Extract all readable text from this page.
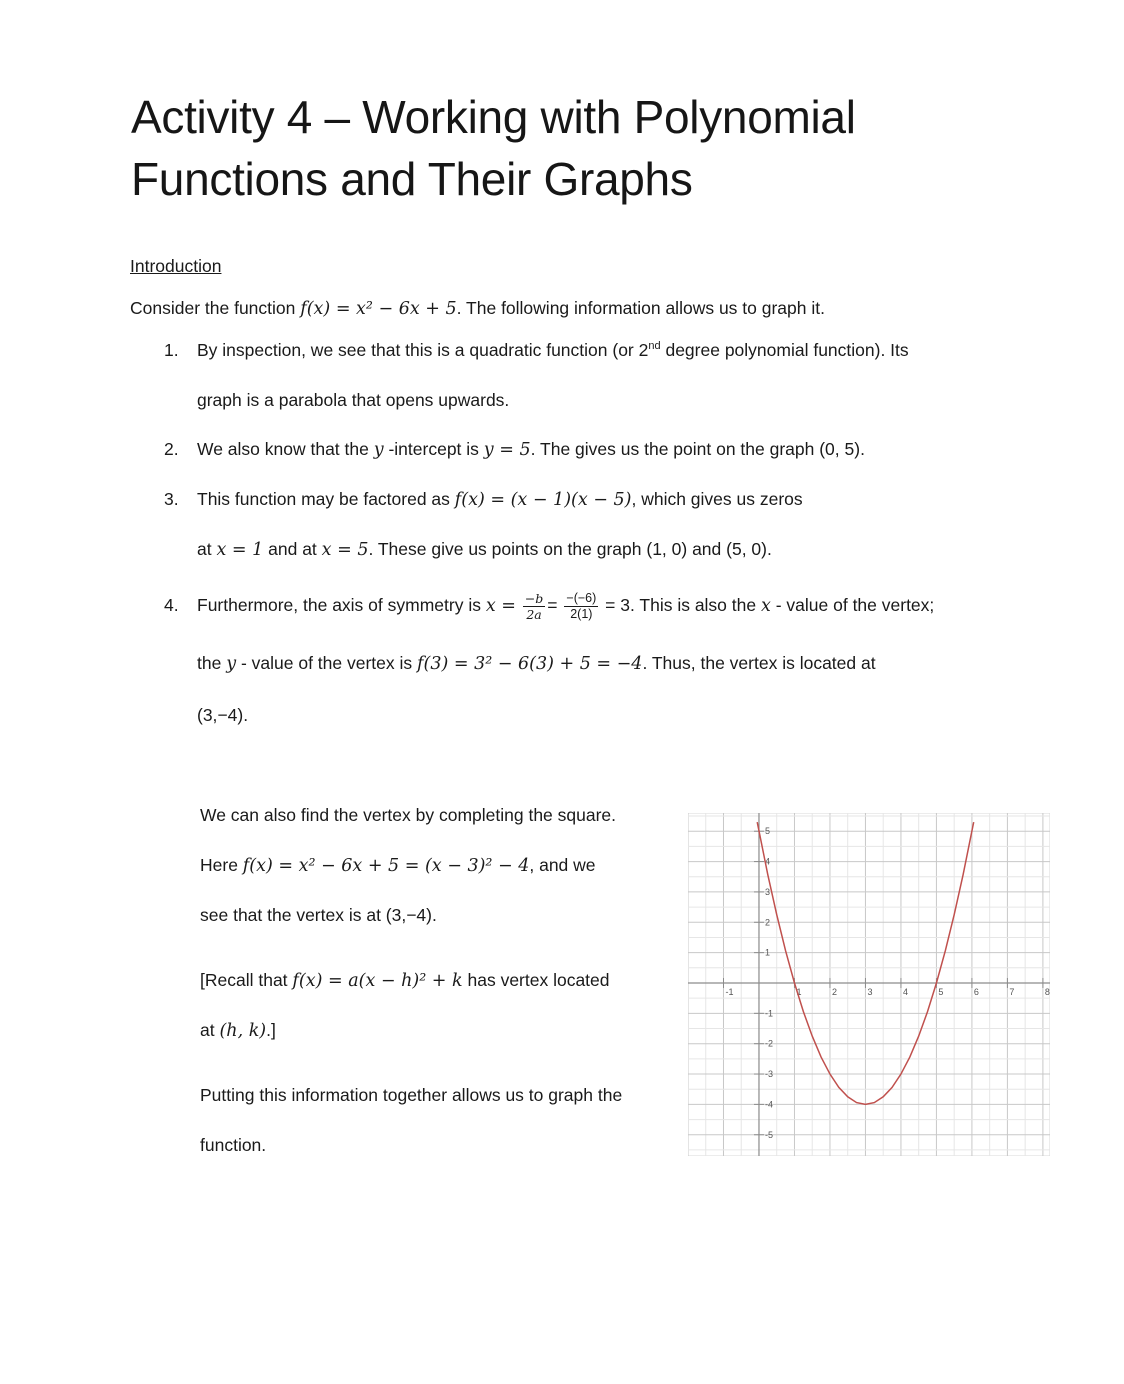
Activity 4 – Working with Polynomial
Functions and Their Graphs
Introduction
Consider the function f(x) = x² − 6x + 5. The following information allows us to graph it.
1. By inspection, we see that this is a quadratic function (or 2nd degree polynomial function). Its
graph is a parabola that opens upwards.
2. We also know that the y -intercept is y = 5. The gives us the point on the graph (0, 5).
3. This function may be factored as f(x) = (x − 1)(x − 5), which gives us zeros
at x = 1 and at x = 5. These give us points on the graph (1, 0) and (5, 0).
4. Furthermore, the axis of symmetry is $x = \frac{-b}{2a} = \frac{-(-6)}{2(1)} = 3$. This is also the x - value of the vertex;
the y - value of the vertex is f(3) = 3² − 6(3) + 5 = −4. Thus, the vertex is located at
(3,−4).
We can also find the vertex by completing the square.
Here f(x) = x² − 6x + 5 = (x − 3)² − 4, and we
see that the vertex is at (3,−4).
[Recall that f(x) = a(x − h)² + k has vertex located
at (h, k).]
Putting this information together allows us to graph the
function.
-1	1	2	3	4	5	6	7	8
5
4
3
2
1
-1
-2
-3
-4
-5
